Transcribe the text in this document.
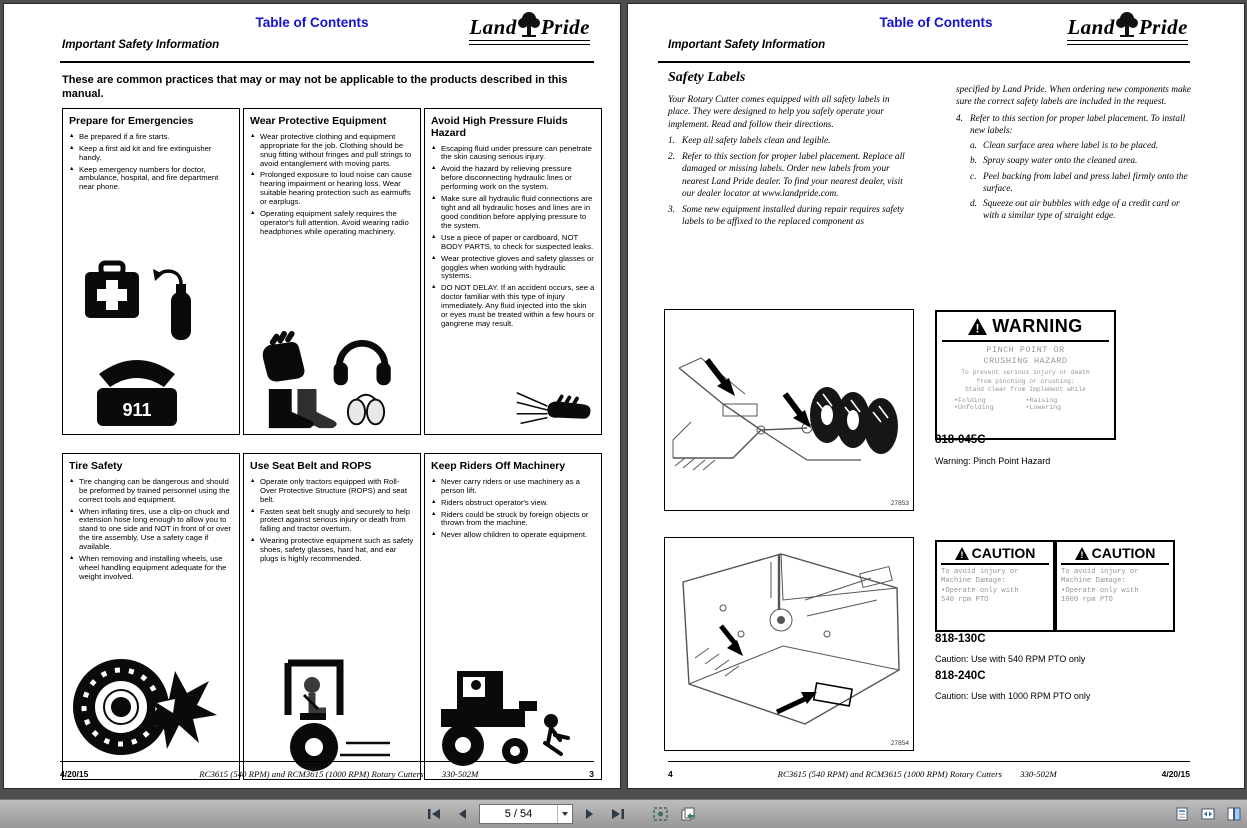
Table of Contents
Important Safety Information
Land Pride
These are common practices that may or may not be applicable to the products described in this manual.
Prepare for Emergencies
▲ Be prepared if a fire starts.
▲ Keep a first aid kit and fire extinguisher handy.
▲ Keep emergency numbers for doctor, ambulance, hospital, and fire department near phone.
911
Wear Protective Equipment
▲ Wear protective clothing and equipment appropriate for the job. Clothing should be snug fitting without fringes and pull strings to avoid entanglement with moving parts.
▲ Prolonged exposure to loud noise can cause hearing impairment or hearing loss. Wear suitable hearing protection such as earmuffs or earplugs.
▲ Operating equipment safely requires the operator's full attention. Avoid wearing radio headphones while operating machinery.
Avoid High Pressure Fluids Hazard
▲ Escaping fluid under pressure can penetrate the skin causing serious injury.
▲ Avoid the hazard by relieving pressure before disconnecting hydraulic lines or performing work on the system.
▲ Make sure all hydraulic fluid connections are tight and all hydraulic hoses and lines are in good condition before applying pressure to the system.
▲ Use a piece of paper or cardboard, NOT BODY PARTS, to check for suspected leaks.
▲ Wear protective gloves and safety glasses or goggles when working with hydraulic systems.
▲ DO NOT DELAY. If an accident occurs, see a doctor familiar with this type of injury immediately. Any fluid injected into the skin or eyes must be treated within a few hours or gangrene may result.
Tire Safety
▲ Tire changing can be dangerous and should be preformed by trained personnel using the correct tools and equipment.
▲ When inflating tires, use a clip-on chuck and extension hose long enough to allow you to stand to one side and NOT in front of or over the tire assembly. Use a safety cage if available.
▲ When removing and installing wheels, use wheel handling equipment adequate for the weight involved.
Use Seat Belt and ROPS
▲ Operate only tractors equipped with Roll-Over Protective Structure (ROPS) and seat belt.
▲ Fasten seat belt snugly and securely to help protect against serious injury or death from falling and tractor overturn.
▲ Wearing protective equipment such as safety shoes, safety glasses, hard hat, and ear plugs is highly recommended.
Keep Riders Off Machinery
▲ Never carry riders or use machinery as a person lift.
▲ Riders obstruct operator's view.
▲ Riders could be struck by foreign objects or thrown from the machine.
▲ Never allow children to operate equipment.
4/20/15	RC3615 (540 RPM) and RCM3615 (1000 RPM) Rotary Cutters 330-502M	3
Table of Contents
Important Safety Information
Land Pride
Safety Labels

Your Rotary Cutter comes equipped with all safety labels in place. They were designed to help you safely operate your implement. Read and follow their directions.

1. Keep all safety labels clean and legible.
2. Refer to this section for proper label placement. Replace all damaged or missing labels. Order new labels from your nearest Land Pride dealer. To find your nearest dealer, visit our dealer locator at www.landpride.com.
3. Some new equipment installed during repair requires safety labels to be affixed to the replaced component as

specified by Land Pride. When ordering new components make sure the correct safety labels are included in the request.

4. Refer to this section for proper label placement. To install new labels:
a. Clean surface area where label is to be placed.
b. Spray soapy water onto the cleaned area.
c. Peel backing from label and press label firmly onto the surface.
d. Squeeze out air bubbles with edge of a credit card or with a similar type of straight edge.
27853
27854
! WARNING
PINCH POINT OR
CRUSHING HAZARD
To prevent serious injury or death
from pinching or crushing:
Stand clear from Implement while
•Folding	•Raising
•Unfolding	•Lowering
818-045C
Warning: Pinch Point Hazard
! CAUTION
To avoid injury or
Machine Damage:
•Operate only with
540 rpm PTO
! CAUTION
To avoid injury or
Machine Damage:
•Operate only with
1000 rpm PTO
818-130C
Caution: Use with 540 RPM PTO only
818-240C
Caution: Use with 1000 RPM PTO only
4	RC3615 (540 RPM) and RCM3615 (1000 RPM) Rotary Cutters 330-502M	4/20/15
5 / 54
